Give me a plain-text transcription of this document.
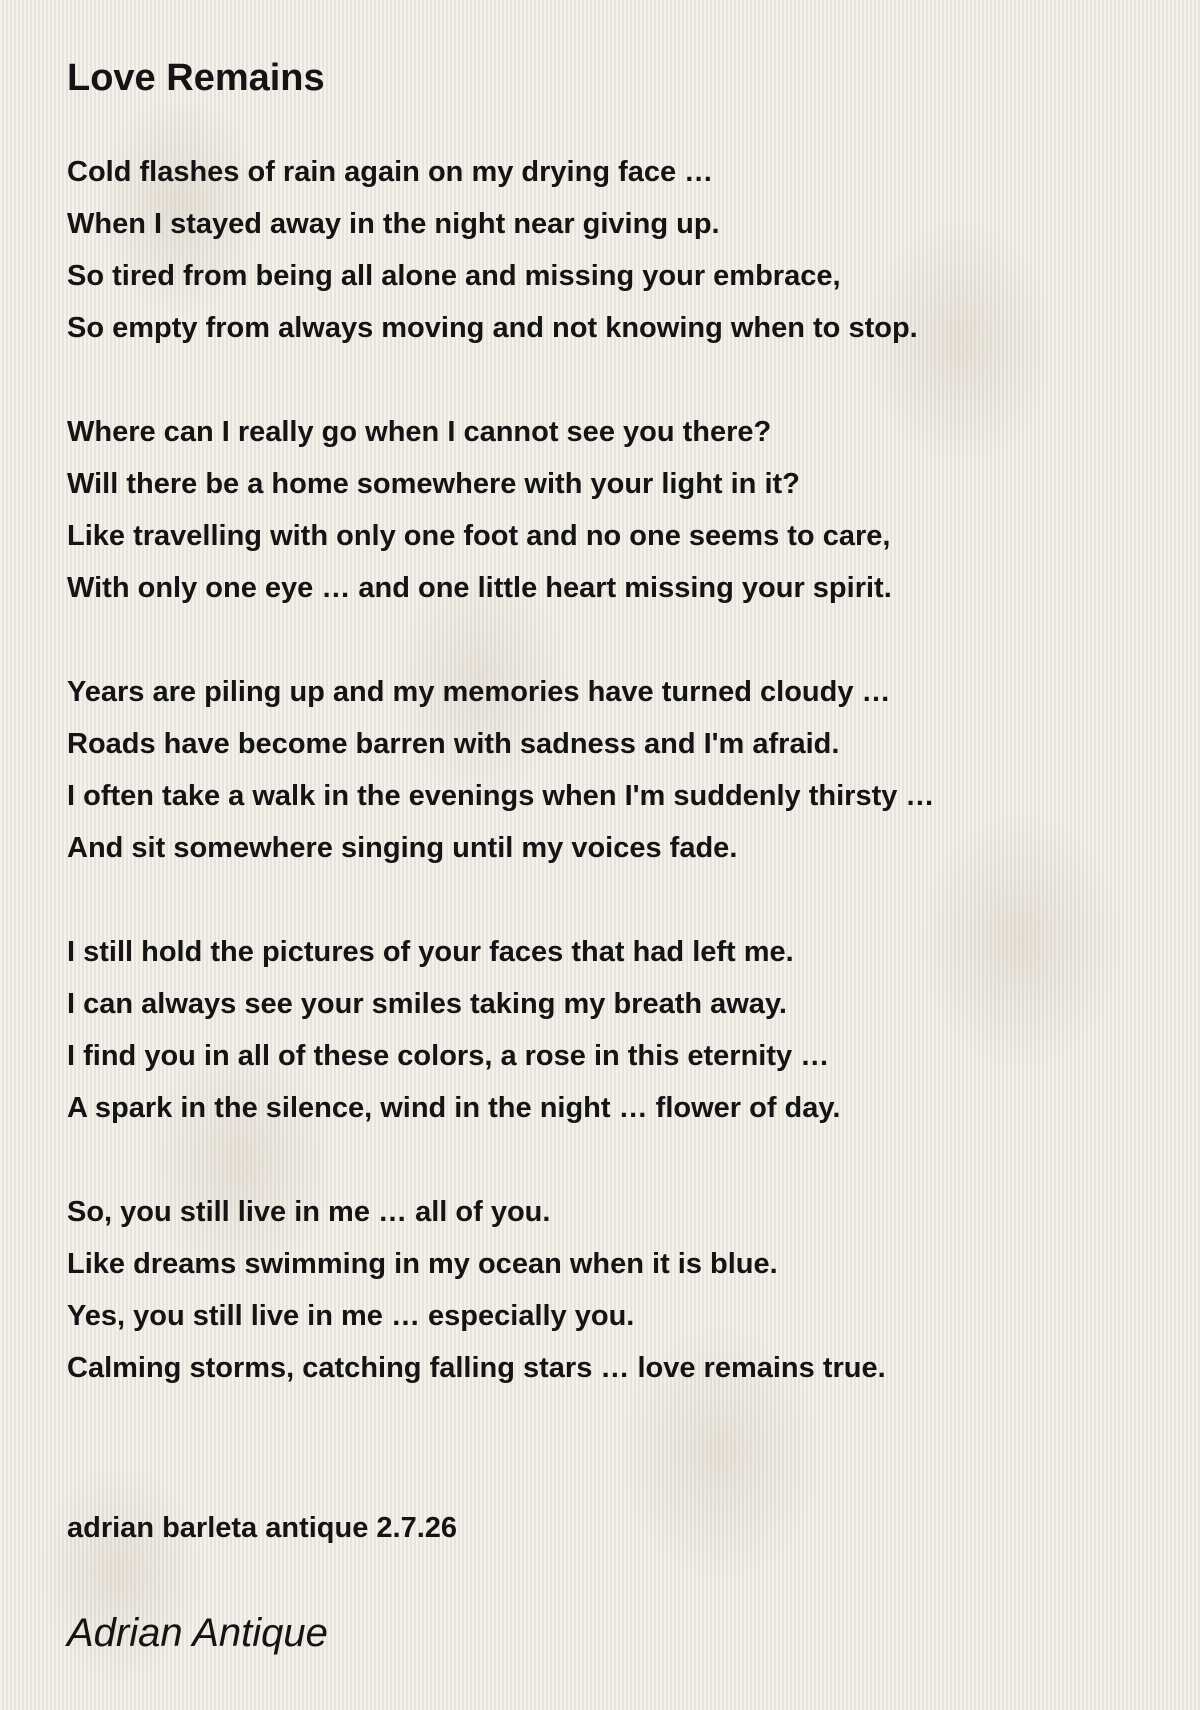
Love Remains
Cold flashes of rain again on my drying face …
When I stayed away in the night near giving up.
So tired from being all alone and missing your embrace,
So empty from always moving and not knowing when to stop.
Where can I really go when I cannot see you there?
Will there be a home somewhere with your light in it?
Like travelling with only one foot and no one seems to care,
With only one eye … and one little heart missing your spirit.
Years are piling up and my memories have turned cloudy …
Roads have become barren with sadness and I'm afraid.
I often take a walk in the evenings when I'm suddenly thirsty …
And sit somewhere singing until my voices fade.
I still hold the pictures of your faces that had left me.
I can always see your smiles taking my breath away.
I find you in all of these colors, a rose in this eternity …
A spark in the silence, wind in the night … flower of day.
So, you still live in me … all of you.
Like dreams swimming in my ocean when it is blue.
Yes, you still live in me … especially you.
Calming storms, catching falling stars … love remains true.
adrian barleta antique 2.7.26
Adrian Antique
